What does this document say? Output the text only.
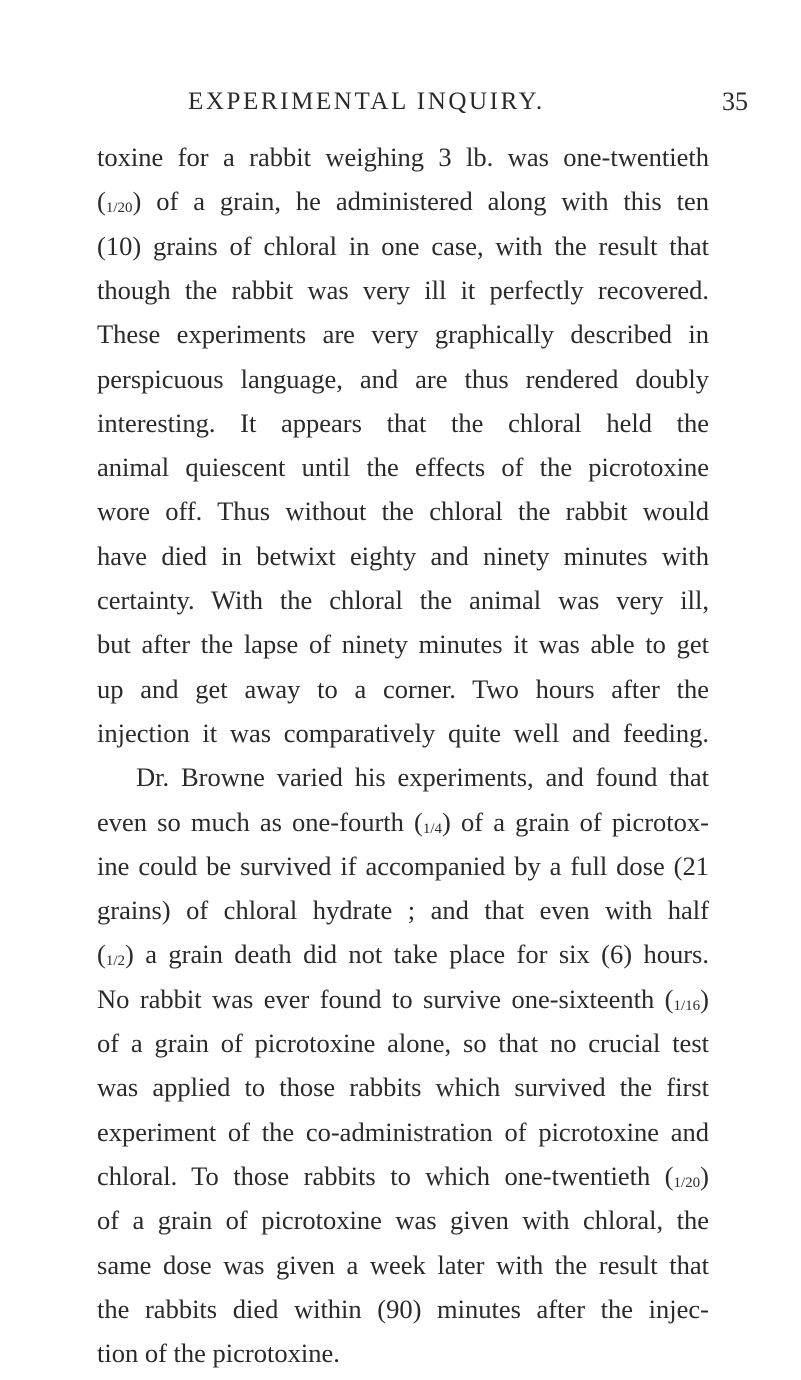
EXPERIMENTAL INQUIRY.	35
toxine for a rabbit weighing 3 lb. was one-twentieth
(1/20) of a grain, he administered along with this ten
(10) grains of chloral in one case, with the result that
though the rabbit was very ill it perfectly recovered.
These experiments are very graphically described in
perspicuous language, and are thus rendered doubly
interesting. It appears that the chloral held the
animal quiescent until the effects of the picrotoxine
wore off. Thus without the chloral the rabbit would
have died in betwixt eighty and ninety minutes with
certainty. With the chloral the animal was very ill,
but after the lapse of ninety minutes it was able to get
up and get away to a corner. Two hours after the
injection it was comparatively quite well and feeding.
Dr. Browne varied his experiments, and found that
even so much as one-fourth (1/4) of a grain of picrotox-
ine could be survived if accompanied by a full dose (21
grains) of chloral hydrate ; and that even with half
(1/2) a grain death did not take place for six (6) hours.
No rabbit was ever found to survive one-sixteenth (1/16)
of a grain of picrotoxine alone, so that no crucial test
was applied to those rabbits which survived the first
experiment of the co-administration of picrotoxine and
chloral. To those rabbits to which one-twentieth (1/20)
of a grain of picrotoxine was given with chloral, the
same dose was given a week later with the result that
the rabbits died within (90) minutes after the injec-
tion of the picrotoxine.
